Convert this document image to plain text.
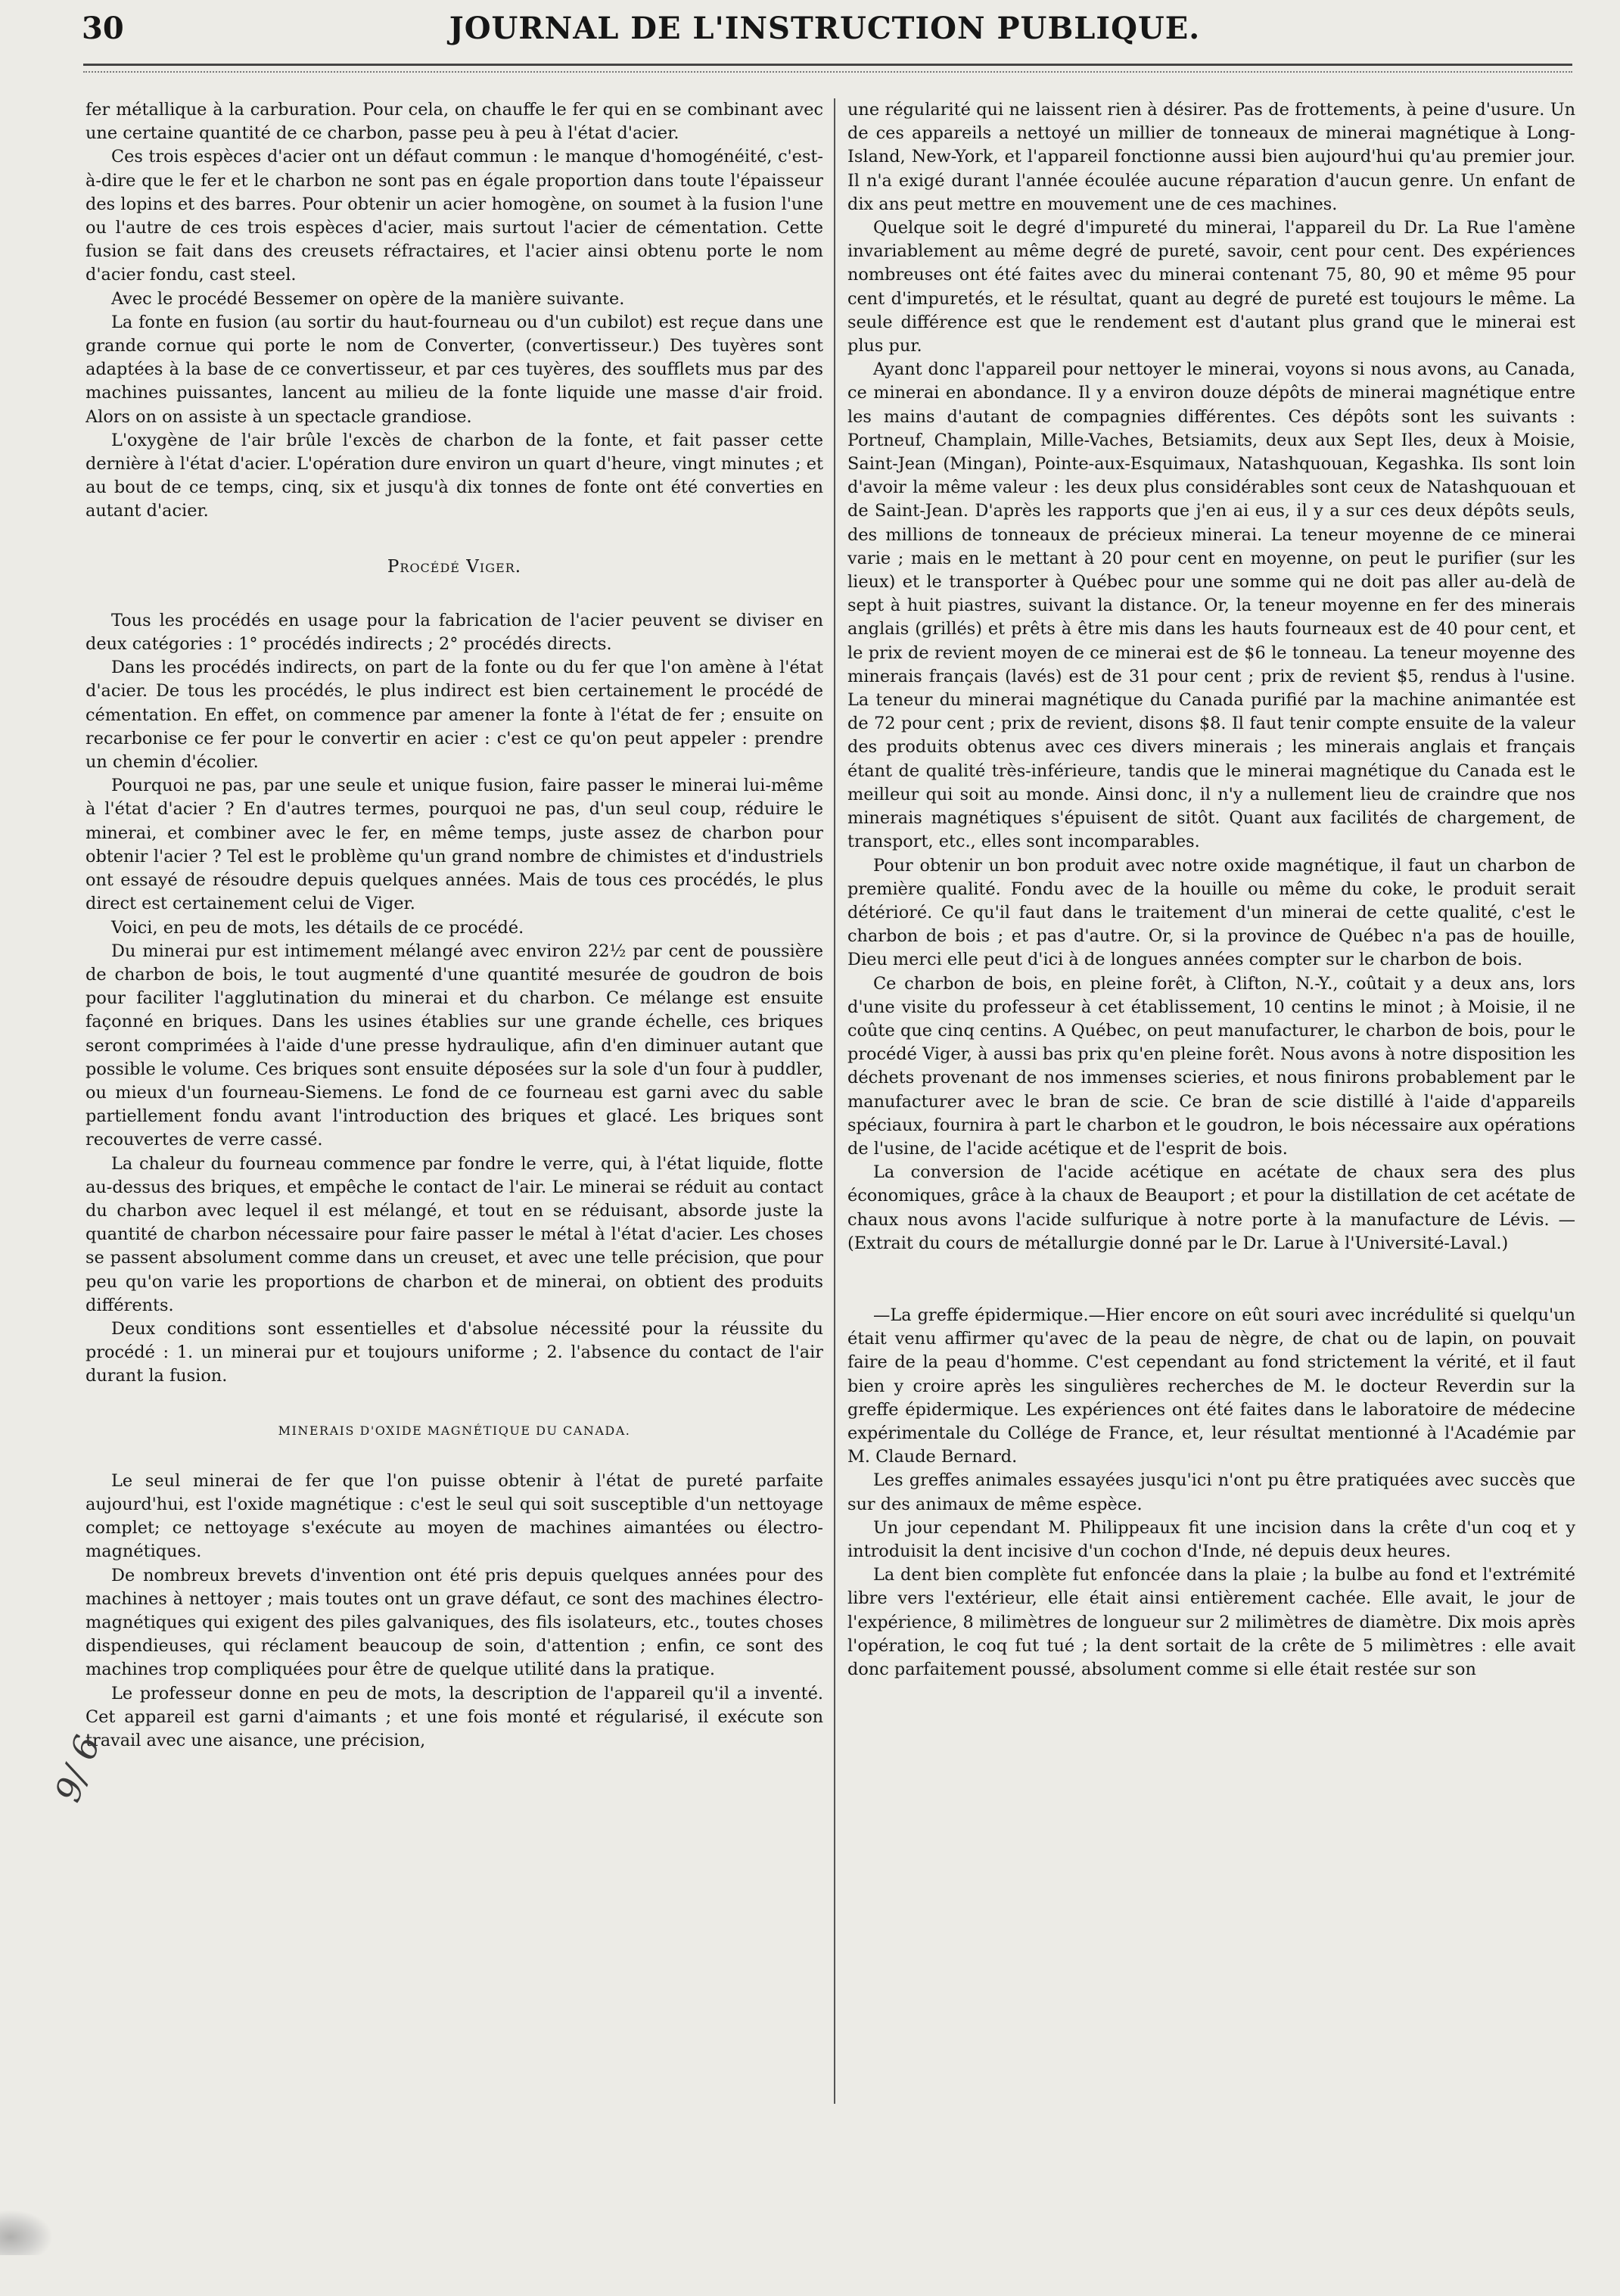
30	JOURNAL DE L'INSTRUCTION PUBLIQUE.

fer métallique à la carburation. Pour cela, on chauffe le fer qui en se combinant avec une certaine quantité de ce charbon, passe peu à peu à l'état d'acier.

Ces trois espèces d'acier ont un défaut commun : le manque d'homogénéité, c'est-à-dire que le fer et le charbon ne sont pas en égale proportion dans toute l'épaisseur des lopins et des barres. Pour obtenir un acier homogène, on soumet à la fusion l'une ou l'autre de ces trois espèces d'acier, mais surtout l'acier de cémentation. Cette fusion se fait dans des creusets réfractaires, et l'acier ainsi obtenu porte le nom d'acier fondu, cast steel.

Avec le procédé Bessemer on opère de la manière suivante.

La fonte en fusion (au sortir du haut-fourneau ou d'un cubilot) est reçue dans une grande cornue qui porte le nom de Converter, (convertisseur.) Des tuyères sont adaptées à la base de ce convertisseur, et par ces tuyères, des soufflets mus par des machines puissantes, lancent au milieu de la fonte liquide une masse d'air froid. Alors on on assiste à un spectacle grandiose.

L'oxygène de l'air brûle l'excès de charbon de la fonte, et fait passer cette dernière à l'état d'acier. L'opération dure environ un quart d'heure, vingt minutes ; et au bout de ce temps, cinq, six et jusqu'à dix tonnes de fonte ont été converties en autant d'acier.

Procédé Viger.

Tous les procédés en usage pour la fabrication de l'acier peuvent se diviser en deux catégories : 1° procédés indirects ; 2° procédés directs.

Dans les procédés indirects, on part de la fonte ou du fer que l'on amène à l'état d'acier. De tous les procédés, le plus indirect est bien certainement le procédé de cémentation. En effet, on commence par amener la fonte à l'état de fer ; ensuite on recarbonise ce fer pour le convertir en acier : c'est ce qu'on peut appeler : prendre un chemin d'écolier.

Pourquoi ne pas, par une seule et unique fusion, faire passer le minerai lui-même à l'état d'acier ? En d'autres termes, pourquoi ne pas, d'un seul coup, réduire le minerai, et combiner avec le fer, en même temps, juste assez de charbon pour obtenir l'acier ? Tel est le problème qu'un grand nombre de chimistes et d'industriels ont essayé de résoudre depuis quelques années. Mais de tous ces procédés, le plus direct est certainement celui de Viger.

Voici, en peu de mots, les détails de ce procédé.

Du minerai pur est intimement mélangé avec environ 22½ par cent de poussière de charbon de bois, le tout augmenté d'une quantité mesurée de goudron de bois pour faciliter l'agglutination du minerai et du charbon. Ce mélange est ensuite façonné en briques. Dans les usines établies sur une grande échelle, ces briques seront comprimées à l'aide d'une presse hydraulique, afin d'en diminuer autant que possible le volume. Ces briques sont ensuite déposées sur la sole d'un four à puddler, ou mieux d'un fourneau-Siemens. Le fond de ce fourneau est garni avec du sable partiellement fondu avant l'introduction des briques et glacé. Les briques sont recouvertes de verre cassé.

La chaleur du fourneau commence par fondre le verre, qui, à l'état liquide, flotte au-dessus des briques, et empêche le contact de l'air. Le minerai se réduit au contact du charbon avec lequel il est mélangé, et tout en se réduisant, absorde juste la quantité de charbon nécessaire pour faire passer le métal à l'état d'acier. Les choses se passent absolument comme dans un creuset, et avec une telle précision, que pour peu qu'on varie les proportions de charbon et de minerai, on obtient des produits différents.

Deux conditions sont essentielles et d'absolue nécessité pour la réussite du procédé : 1. un minerai pur et toujours uniforme ; 2. l'absence du contact de l'air durant la fusion.

MINERAIS D'OXIDE MAGNÉTIQUE DU CANADA.

Le seul minerai de fer que l'on puisse obtenir à l'état de pureté parfaite aujourd'hui, est l'oxide magnétique : c'est le seul qui soit susceptible d'un nettoyage complet; ce nettoyage s'exécute au moyen de machines aimantées ou électro-magnétiques.

De nombreux brevets d'invention ont été pris depuis quelques années pour des machines à nettoyer ; mais toutes ont un grave défaut, ce sont des machines électro-magnétiques qui exigent des piles galvaniques, des fils isolateurs, etc., toutes choses dispendieuses, qui réclament beaucoup de soin, d'attention ; enfin, ce sont des machines trop compliquées pour être de quelque utilité dans la pratique.

Le professeur donne en peu de mots, la description de l'appareil qu'il a inventé. Cet appareil est garni d'aimants ; et une fois monté et régularisé, il exécute son travail avec une aisance, une précision,

une régularité qui ne laissent rien à désirer. Pas de frottements, à peine d'usure. Un de ces appareils a nettoyé un millier de tonneaux de minerai magnétique à Long-Island, New-York, et l'appareil fonctionne aussi bien aujourd'hui qu'au premier jour. Il n'a exigé durant l'année écoulée aucune réparation d'aucun genre. Un enfant de dix ans peut mettre en mouvement une de ces machines.

Quelque soit le degré d'impureté du minerai, l'appareil du Dr. La Rue l'amène invariablement au même degré de pureté, savoir, cent pour cent. Des expériences nombreuses ont été faites avec du minerai contenant 75, 80, 90 et même 95 pour cent d'impuretés, et le résultat, quant au degré de pureté est toujours le même. La seule différence est que le rendement est d'autant plus grand que le minerai est plus pur.

Ayant donc l'appareil pour nettoyer le minerai, voyons si nous avons, au Canada, ce minerai en abondance. Il y a environ douze dépôts de minerai magnétique entre les mains d'autant de compagnies différentes. Ces dépôts sont les suivants : Portneuf, Champlain, Mille-Vaches, Betsiamits, deux aux Sept Iles, deux à Moisie, Saint-Jean (Mingan), Pointe-aux-Esquimaux, Natashquouan, Kegashka. Ils sont loin d'avoir la même valeur : les deux plus considérables sont ceux de Natashquouan et de Saint-Jean. D'après les rapports que j'en ai eus, il y a sur ces deux dépôts seuls, des millions de tonneaux de précieux minerai. La teneur moyenne de ce minerai varie ; mais en le mettant à 20 pour cent en moyenne, on peut le purifier (sur les lieux) et le transporter à Québec pour une somme qui ne doit pas aller au-delà de sept à huit piastres, suivant la distance. Or, la teneur moyenne en fer des minerais anglais (grillés) et prêts à être mis dans les hauts fourneaux est de 40 pour cent, et le prix de revient moyen de ce minerai est de $6 le tonneau. La teneur moyenne des minerais français (lavés) est de 31 pour cent ; prix de revient $5, rendus à l'usine. La teneur du minerai magnétique du Canada purifié par la machine animantée est de 72 pour cent ; prix de revient, disons $8. Il faut tenir compte ensuite de la valeur des produits obtenus avec ces divers minerais ; les minerais anglais et français étant de qualité très-inférieure, tandis que le minerai magnétique du Canada est le meilleur qui soit au monde. Ainsi donc, il n'y a nullement lieu de craindre que nos minerais magnétiques s'épuisent de sitôt. Quant aux facilités de chargement, de transport, etc., elles sont incomparables.

Pour obtenir un bon produit avec notre oxide magnétique, il faut un charbon de première qualité. Fondu avec de la houille ou même du coke, le produit serait détérioré. Ce qu'il faut dans le traitement d'un minerai de cette qualité, c'est le charbon de bois ; et pas d'autre. Or, si la province de Québec n'a pas de houille, Dieu merci elle peut d'ici à de longues années compter sur le charbon de bois.

Ce charbon de bois, en pleine forêt, à Clifton, N.-Y., coûtait y a deux ans, lors d'une visite du professeur à cet établissement, 10 centins le minot ; à Moisie, il ne coûte que cinq centins. A Québec, on peut manufacturer, le charbon de bois, pour le procédé Viger, à aussi bas prix qu'en pleine forêt. Nous avons à notre disposition les déchets provenant de nos immenses scieries, et nous finirons probablement par le manufacturer avec le bran de scie. Ce bran de scie distillé à l'aide d'appareils spéciaux, fournira à part le charbon et le goudron, le bois nécessaire aux opérations de l'usine, de l'acide acétique et de l'esprit de bois.

La conversion de l'acide acétique en acétate de chaux sera des plus économiques, grâce à la chaux de Beauport ; et pour la distillation de cet acétate de chaux nous avons l'acide sulfurique à notre porte à la manufacture de Lévis. — (Extrait du cours de métallurgie donné par le Dr. Larue à l'Université-Laval.)

—La greffe épidermique.—Hier encore on eût souri avec incrédulité si quelqu'un était venu affirmer qu'avec de la peau de nègre, de chat ou de lapin, on pouvait faire de la peau d'homme. C'est cependant au fond strictement la vérité, et il faut bien y croire après les singulières recherches de M. le docteur Reverdin sur la greffe épidermique. Les expériences ont été faites dans le laboratoire de médecine expérimentale du Collége de France, et, leur résultat mentionné à l'Académie par M. Claude Bernard.

Les greffes animales essayées jusqu'ici n'ont pu être pratiquées avec succès que sur des animaux de même espèce.

Un jour cependant M. Philippeaux fit une incision dans la crête d'un coq et y introduisit la dent incisive d'un cochon d'Inde, né depuis deux heures.

La dent bien complète fut enfoncée dans la plaie ; la bulbe au fond et l'extrémité libre vers l'extérieur, elle était ainsi entièrement cachée. Elle avait, le jour de l'expérience, 8 milimètres de longueur sur 2 milimètres de diamètre. Dix mois après l'opération, le coq fut tué ; la dent sortait de la crête de 5 milimètres : elle avait donc parfaitement poussé, absolument comme si elle était restée sur son

9/ 6
